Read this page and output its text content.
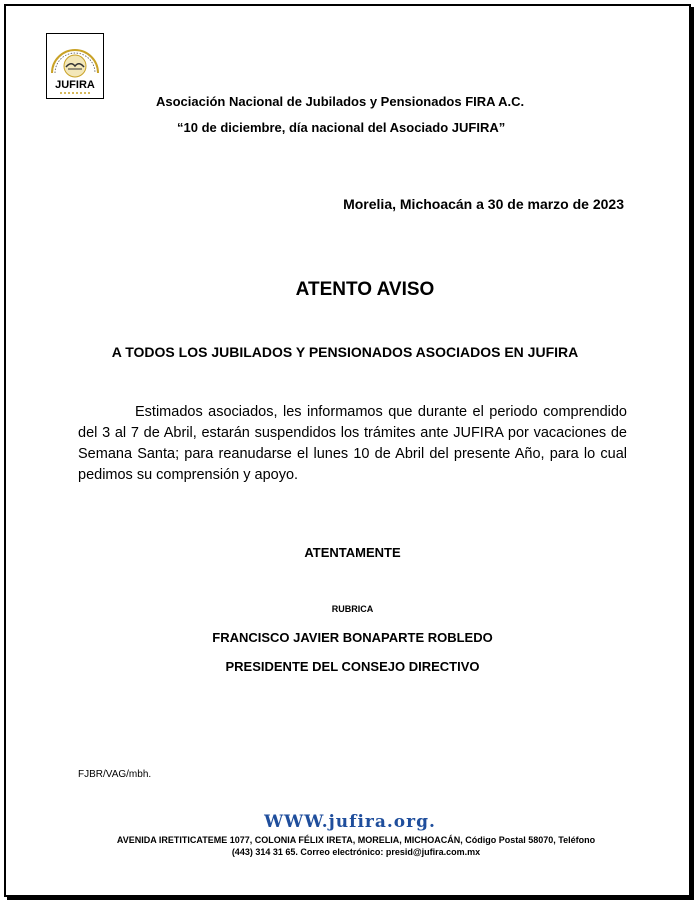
JUFIRA
Asociación Nacional de Jubilados y Pensionados FIRA A.C.
“10 de diciembre, día nacional del Asociado JUFIRA”
Morelia, Michoacán a 30 de marzo de 2023
ATENTO AVISO
A TODOS LOS JUBILADOS Y PENSIONADOS ASOCIADOS EN JUFIRA
Estimados asociados, les informamos que durante el periodo comprendido del 3 al 7 de Abril, estarán suspendidos los trámites ante JUFIRA por vacaciones de Semana Santa; para reanudarse el lunes 10 de Abril del presente Año, para lo cual pedimos su comprensión y apoyo.
ATENTAMENTE
RUBRICA
FRANCISCO JAVIER BONAPARTE ROBLEDO
PRESIDENTE DEL CONSEJO DIRECTIVO
FJBR/VAG/mbh.
WWW.jufira.org.
AVENIDA IRETITICATEME 1077, COLONIA FÉLIX IRETA, MORELIA, MICHOACÁN, Código Postal 58070, Teléfono
(443) 314 31 65. Correo electrónico: presid@jufira.com.mx
